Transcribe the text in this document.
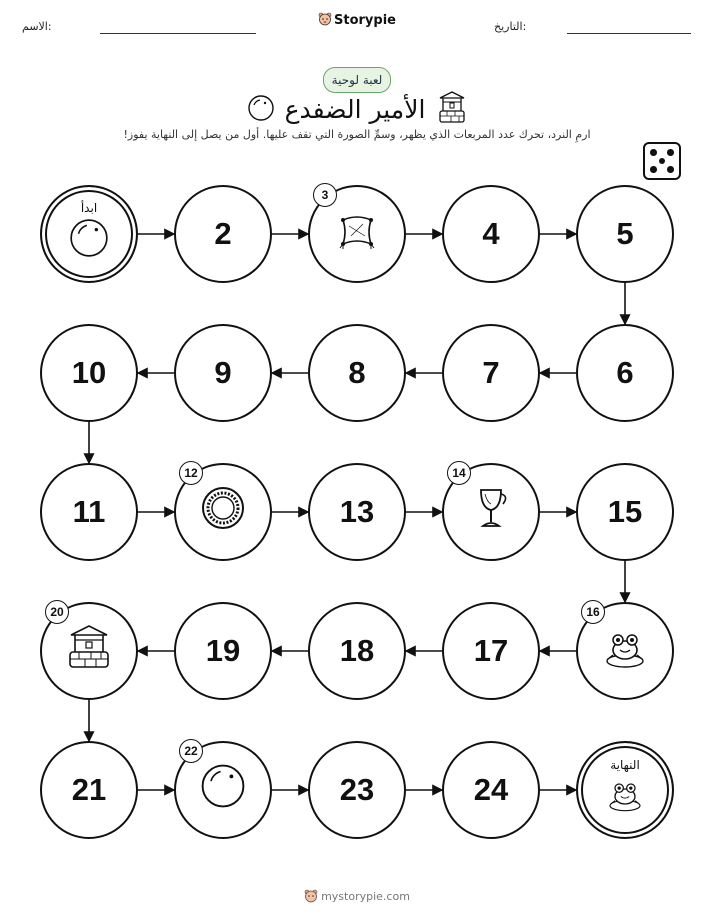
الاسم:	Storypie	التاريخ:
لعبة لوحية
الأمير الضفدع
ارمِ النرد، تحرك عدد المربعات الذي يظهر، وسمِّ الصورة التي تقف عليها. أول من يصل إلى النهاية يفوز!
ابدأ
2
3
4	5
6
7
8
9
10
11
12
13
14
15
16
17
18
19
20
21
22
23	24
النهاية
mystorypie.com
